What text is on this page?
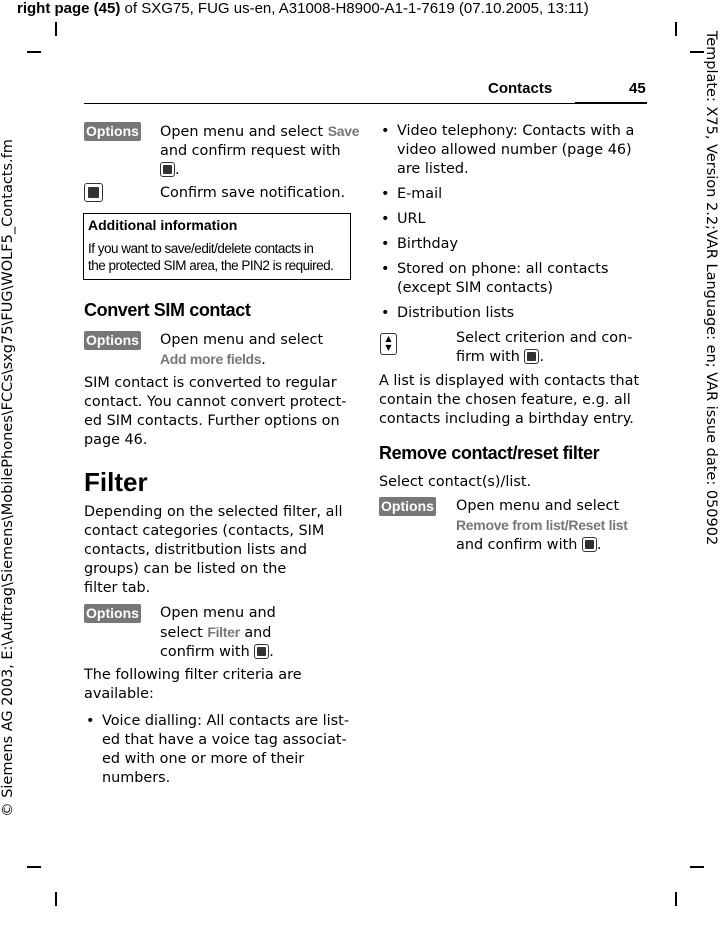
right page (45) of SXG75, FUG us-en, A31008-H8900-A1-1-7619 (07.10.2005, 13:11)
© Siemens AG 2003, E:\Auftrag\Siemens\MobilePhones\FCCs\sxg75\FUG\WOLF5_Contacts.fm	Template: X75, Version 2.2;VAR Language: en; VAR issue date: 050902
Contacts	45
Options Open menu and select Save and confirm request with .
Confirm save notification.
Additional information
If you want to save/edit/delete contacts in
the protected SIM area, the PIN2 is required.
Convert SIM contact
Options Open menu and select
Add more fields.
SIM contact is converted to regular
contact. You cannot convert protect-
ed SIM contacts. Further options on
page 46.
Filter
Depending on the selected filter, all
contact categories (contacts, SIM
contacts, distritbution lists and
groups) can be listed on the
filter tab.
Options Open menu and
select Filter and
confirm with .
The following filter criteria are
available:
• Voice dialling: All contacts are list-
ed that have a voice tag associat-
ed with one or more of their
numbers.
• Video telephony: Contacts with a
video allowed number (page 46)
are listed.
• E-mail
• URL
• Birthday
• Stored on phone: all contacts
(except SIM contacts)
• Distribution lists
▲
▼
Select criterion and con-
firm with .
A list is displayed with contacts that
contain the chosen feature, e.g. all
contacts including a birthday entry.
Remove contact/reset filter
Select contact(s)/list.
Options Open menu and select
Remove from list/Reset list
and confirm with .
